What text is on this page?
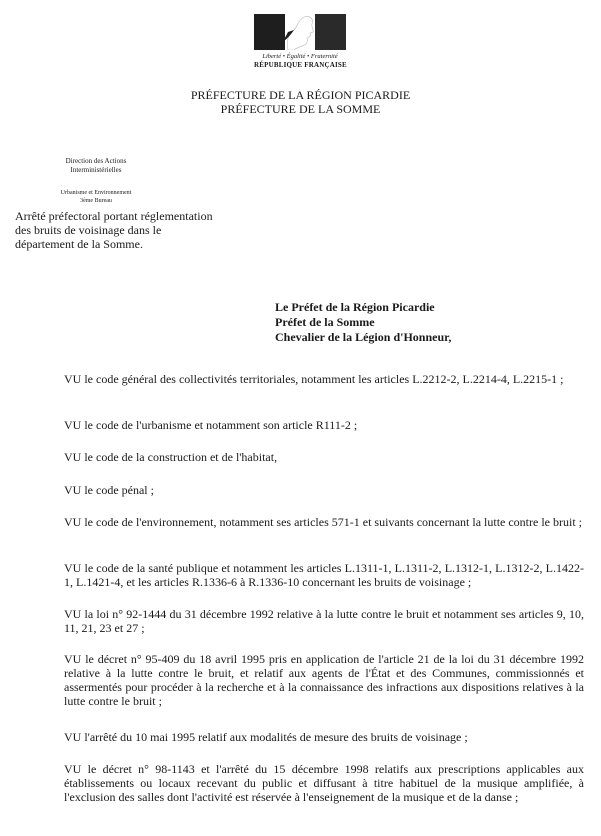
Liberté • Égalité • Fraternité
RÉPUBLIQUE FRANÇAISE
PRÉFECTURE DE LA RÉGION PICARDIE
PRÉFECTURE DE LA SOMME
Direction des Actions
Interministérielles
Urbanisme et Environnement
3ème Bureau
Arrêté préfectoral portant réglementation
des bruits de voisinage dans le
département de la Somme.
Le Préfet de la Région Picardie
Préfet de la Somme
Chevalier de la Légion d'Honneur,

VU le code général des collectivités territoriales, notamment les articles L.2212-2, L.2214-4, L.2215-1 ;

VU le code de l'urbanisme et notamment son article R111-2 ;

VU le code de la construction et de l'habitat,

VU le code pénal ;

VU le code de l'environnement, notamment ses articles 571-1 et suivants concernant la lutte contre le bruit ;

VU le code de la santé publique et notamment les articles L.1311-1, L.1311-2, L.1312-1, L.1312-2, L.1422-1, L.1421-4, et les articles R.1336-6 à R.1336-10 concernant les bruits de voisinage ;

VU la loi n° 92-1444 du 31 décembre 1992 relative à la lutte contre le bruit et notamment ses articles 9, 10, 11, 21, 23 et 27 ;

VU le décret n° 95-409 du 18 avril 1995 pris en application de l'article 21 de la loi du 31 décembre 1992 relative à la lutte contre le bruit, et relatif aux agents de l'État et des Communes, commissionnés et assermentés pour procéder à la recherche et à la connaissance des infractions aux dispositions relatives à la lutte contre le bruit ;

VU l'arrêté du 10 mai 1995 relatif aux modalités de mesure des bruits de voisinage ;

VU le décret n° 98-1143 et l'arrêté du 15 décembre 1998 relatifs aux prescriptions applicables aux établissements ou locaux recevant du public et diffusant à titre habituel de la musique amplifiée, à l'exclusion des salles dont l'activité est réservée à l'enseignement de la musique et de la danse ;
